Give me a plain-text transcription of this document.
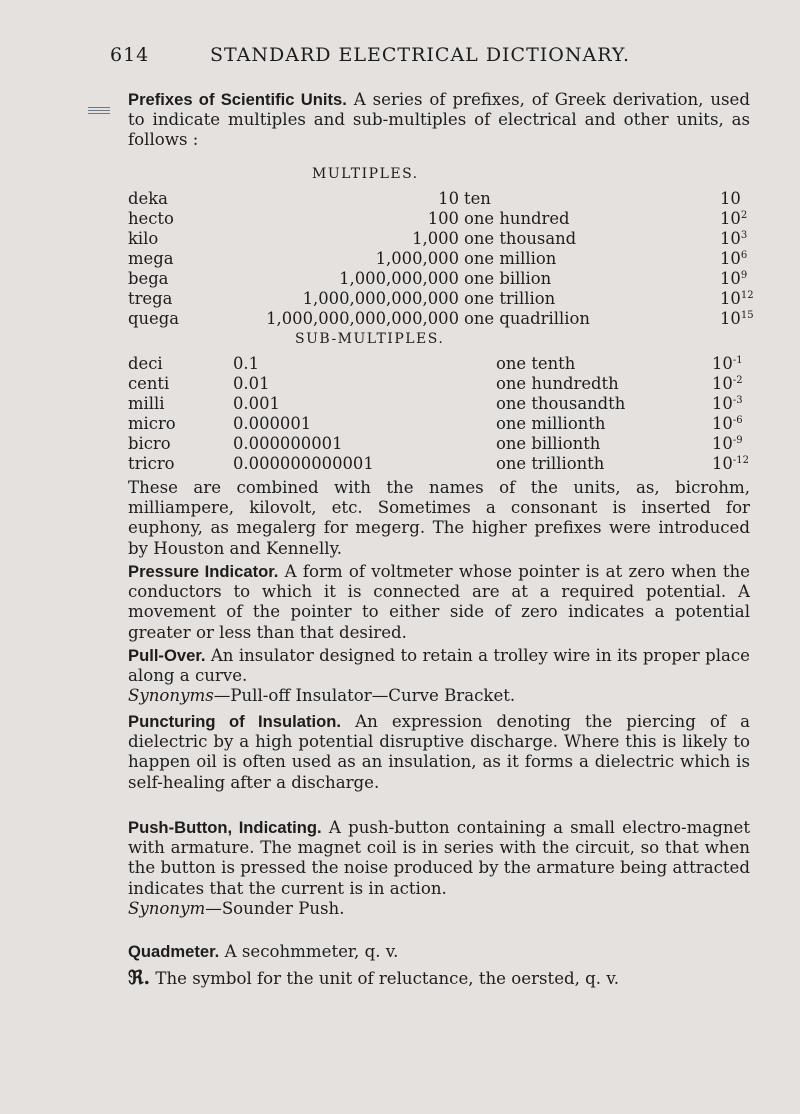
614	STANDARD ELECTRICAL DICTIONARY.
Prefixes of Scientific Units. A series of prefixes, of Greek derivation, used to indicate multiples and sub-multiples of electrical and other units, as follows :
MULTIPLES.
deka	10 ten	10
hecto	100 one hundred	$10^2$
kilo	1,000 one thousand	$10^3$
mega	1,000,000 one million	$10^6$
bega	1,000,000,000 one billion	$10^9$
trega	1,000,000,000,000 one trillion	$10^{12}$
quega	1,000,000,000,000,000 one quadrillion	$10^{15}$
SUB-MULTIPLES.
deci	0.1	one tenth	$10^{-1}$
centi	0.01	one hundredth	$10^{-2}$
milli	0.001	one thousandth	$10^{-3}$
micro	0.000001	one millionth	$10^{-6}$
bicro	0.000000001	one billionth	$10^{-9}$
tricro	0.000000000001	one trillionth	$10^{-12}$
These are combined with the names of the units, as, bicrohm, milliampere, kilovolt, etc. Sometimes a consonant is inserted for euphony, as megalerg for megerg. The higher prefixes were introduced by Houston and Kennelly.
Pressure Indicator. A form of voltmeter whose pointer is at zero when the conductors to which it is connected are at a required potential. A movement of the pointer to either side of zero indicates a potential greater or less than that desired.
Pull-Over. An insulator designed to retain a trolley wire in its proper place along a curve.
Synonyms—Pull-off Insulator—Curve Bracket.
Puncturing of Insulation. An expression denoting the piercing of a dielectric by a high potential disruptive discharge. Where this is likely to happen oil is often used as an insulation, as it forms a dielectric which is self-healing after a discharge.
Push-Button, Indicating. A push-button containing a small electro-magnet with armature. The magnet coil is in series with the circuit, so that when the button is pressed the noise produced by the armature being attracted indicates that the current is in action.
Synonym—Sounder Push.
Quadmeter. A secohmmeter, q. v.
ℜ. The symbol for the unit of reluctance, the oersted, q. v.
